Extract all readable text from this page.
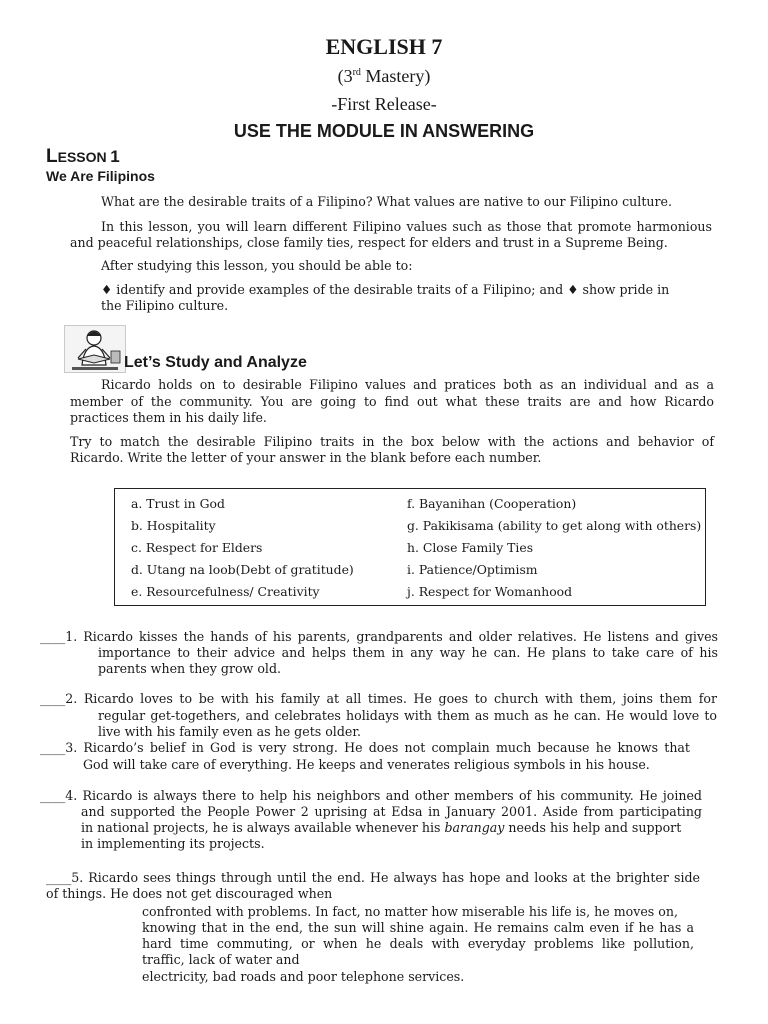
ENGLISH 7
(3rd Mastery)
-First Release-
USE THE MODULE IN ANSWERING
LESSON 1
We Are Filipinos
What are the desirable traits of a Filipino? What values are native to our Filipino culture.
In this lesson, you will learn different Filipino values such as those that promote harmonious
and peaceful relationships, close family ties, respect for elders and trust in a Supreme Being.
After studying this lesson, you should be able to:
♦ identify and provide examples of the desirable traits of a Filipino; and ♦ show pride in
the Filipino culture.
Let’s Study and Analyze
Ricardo holds on to desirable Filipino values and pratices both as an individual and as a
member of the community. You are going to find out what these traits are and how Ricardo
practices them in his daily life.
Try to match the desirable Filipino traits in the box below with the actions and behavior of
Ricardo. Write the letter of your answer in the blank before each number.
a. Trust in God
b. Hospitality
c. Respect for Elders
d. Utang na loob(Debt of gratitude)
e. Resourcefulness/ Creativity
f. Bayanihan (Cooperation)
g. Pakikisama (ability to get along with others)
h. Close Family Ties
i. Patience/Optimism
j. Respect for Womanhood
____1. Ricardo kisses the hands of his parents, grandparents and older relatives. He listens and gives
importance to their advice and helps them in any way he can. He plans to take care of his
parents when they grow old.
____2. Ricardo loves to be with his family at all times. He goes to church with them, joins them for
regular get-togethers, and celebrates holidays with them as much as he can. He would love to
live with his family even as he gets older.
____3. Ricardo’s belief in God is very strong. He does not complain much because he knows that
God will take care of everything. He keeps and venerates religious symbols in his house.
____4. Ricardo is always there to help his neighbors and other members of his community. He joined
and supported the People Power 2 uprising at Edsa in January 2001. Aside from participating
in national projects, he is always available whenever his barangay needs his help and support
in implementing its projects.
____5. Ricardo sees things through until the end. He always has hope and looks at the brighter side
of things. He does not get discouraged when
confronted with problems. In fact, no matter how miserable his life is, he moves on,
knowing that in the end, the sun will shine again. He remains calm even if he has a
hard time commuting, or when he deals with everyday problems like pollution,
traffic, lack of water and
electricity, bad roads and poor telephone services.
